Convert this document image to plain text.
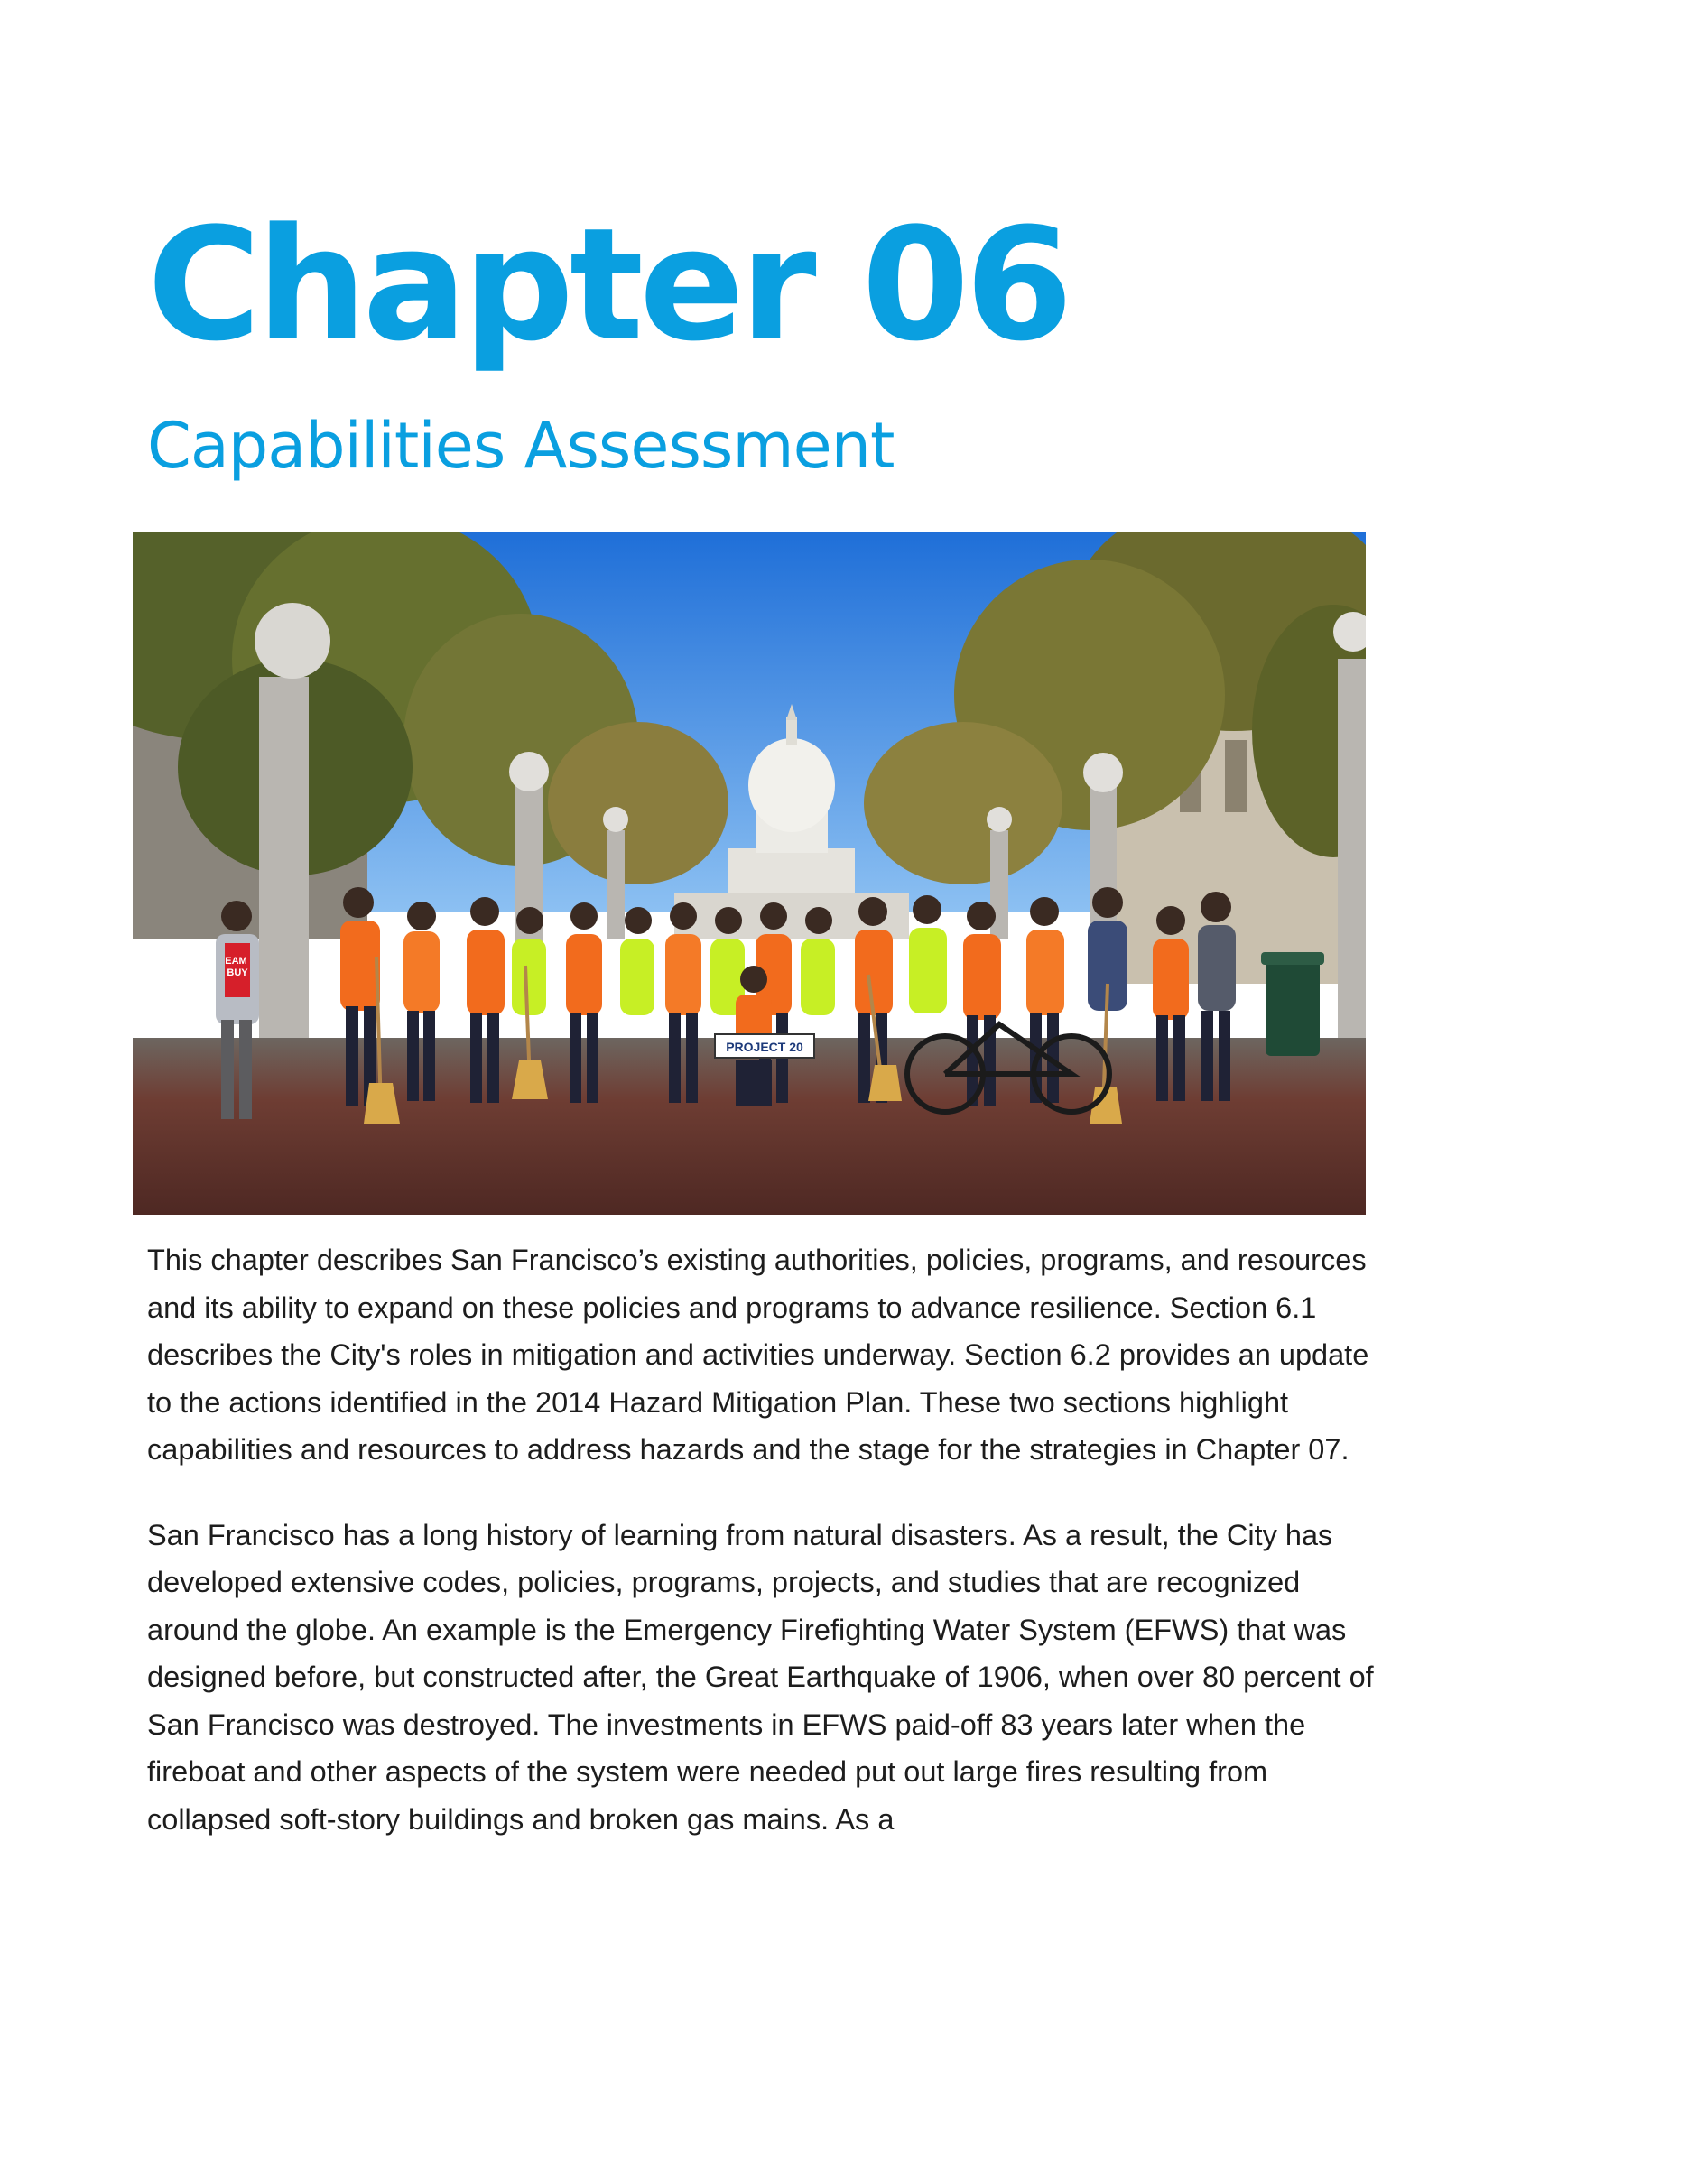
Chapter 06
Capabilities Assessment
EAM BUY
PROJECT 20

This chapter describes San Francisco’s existing authorities, policies, programs, and resources and its ability to expand on these policies and programs to advance resilience. Section 6.1 describes the City's roles in mitigation and activities underway. Section 6.2 provides an update to the actions identified in the 2014 Hazard Mitigation Plan. These two sections highlight capabilities and resources to address hazards and the stage for the strategies in Chapter 07.

San Francisco has a long history of learning from natural disasters. As a result, the City has developed extensive codes, policies, programs, projects, and studies that are recognized around the globe. An example is the Emergency Firefighting Water System (EFWS) that was designed before, but constructed after, the Great Earthquake of 1906, when over 80 percent of San Francisco was destroyed. The investments in EFWS paid-off 83 years later when the fireboat and other aspects of the system were needed put out large fires resulting from collapsed soft-story buildings and broken gas mains. As a
